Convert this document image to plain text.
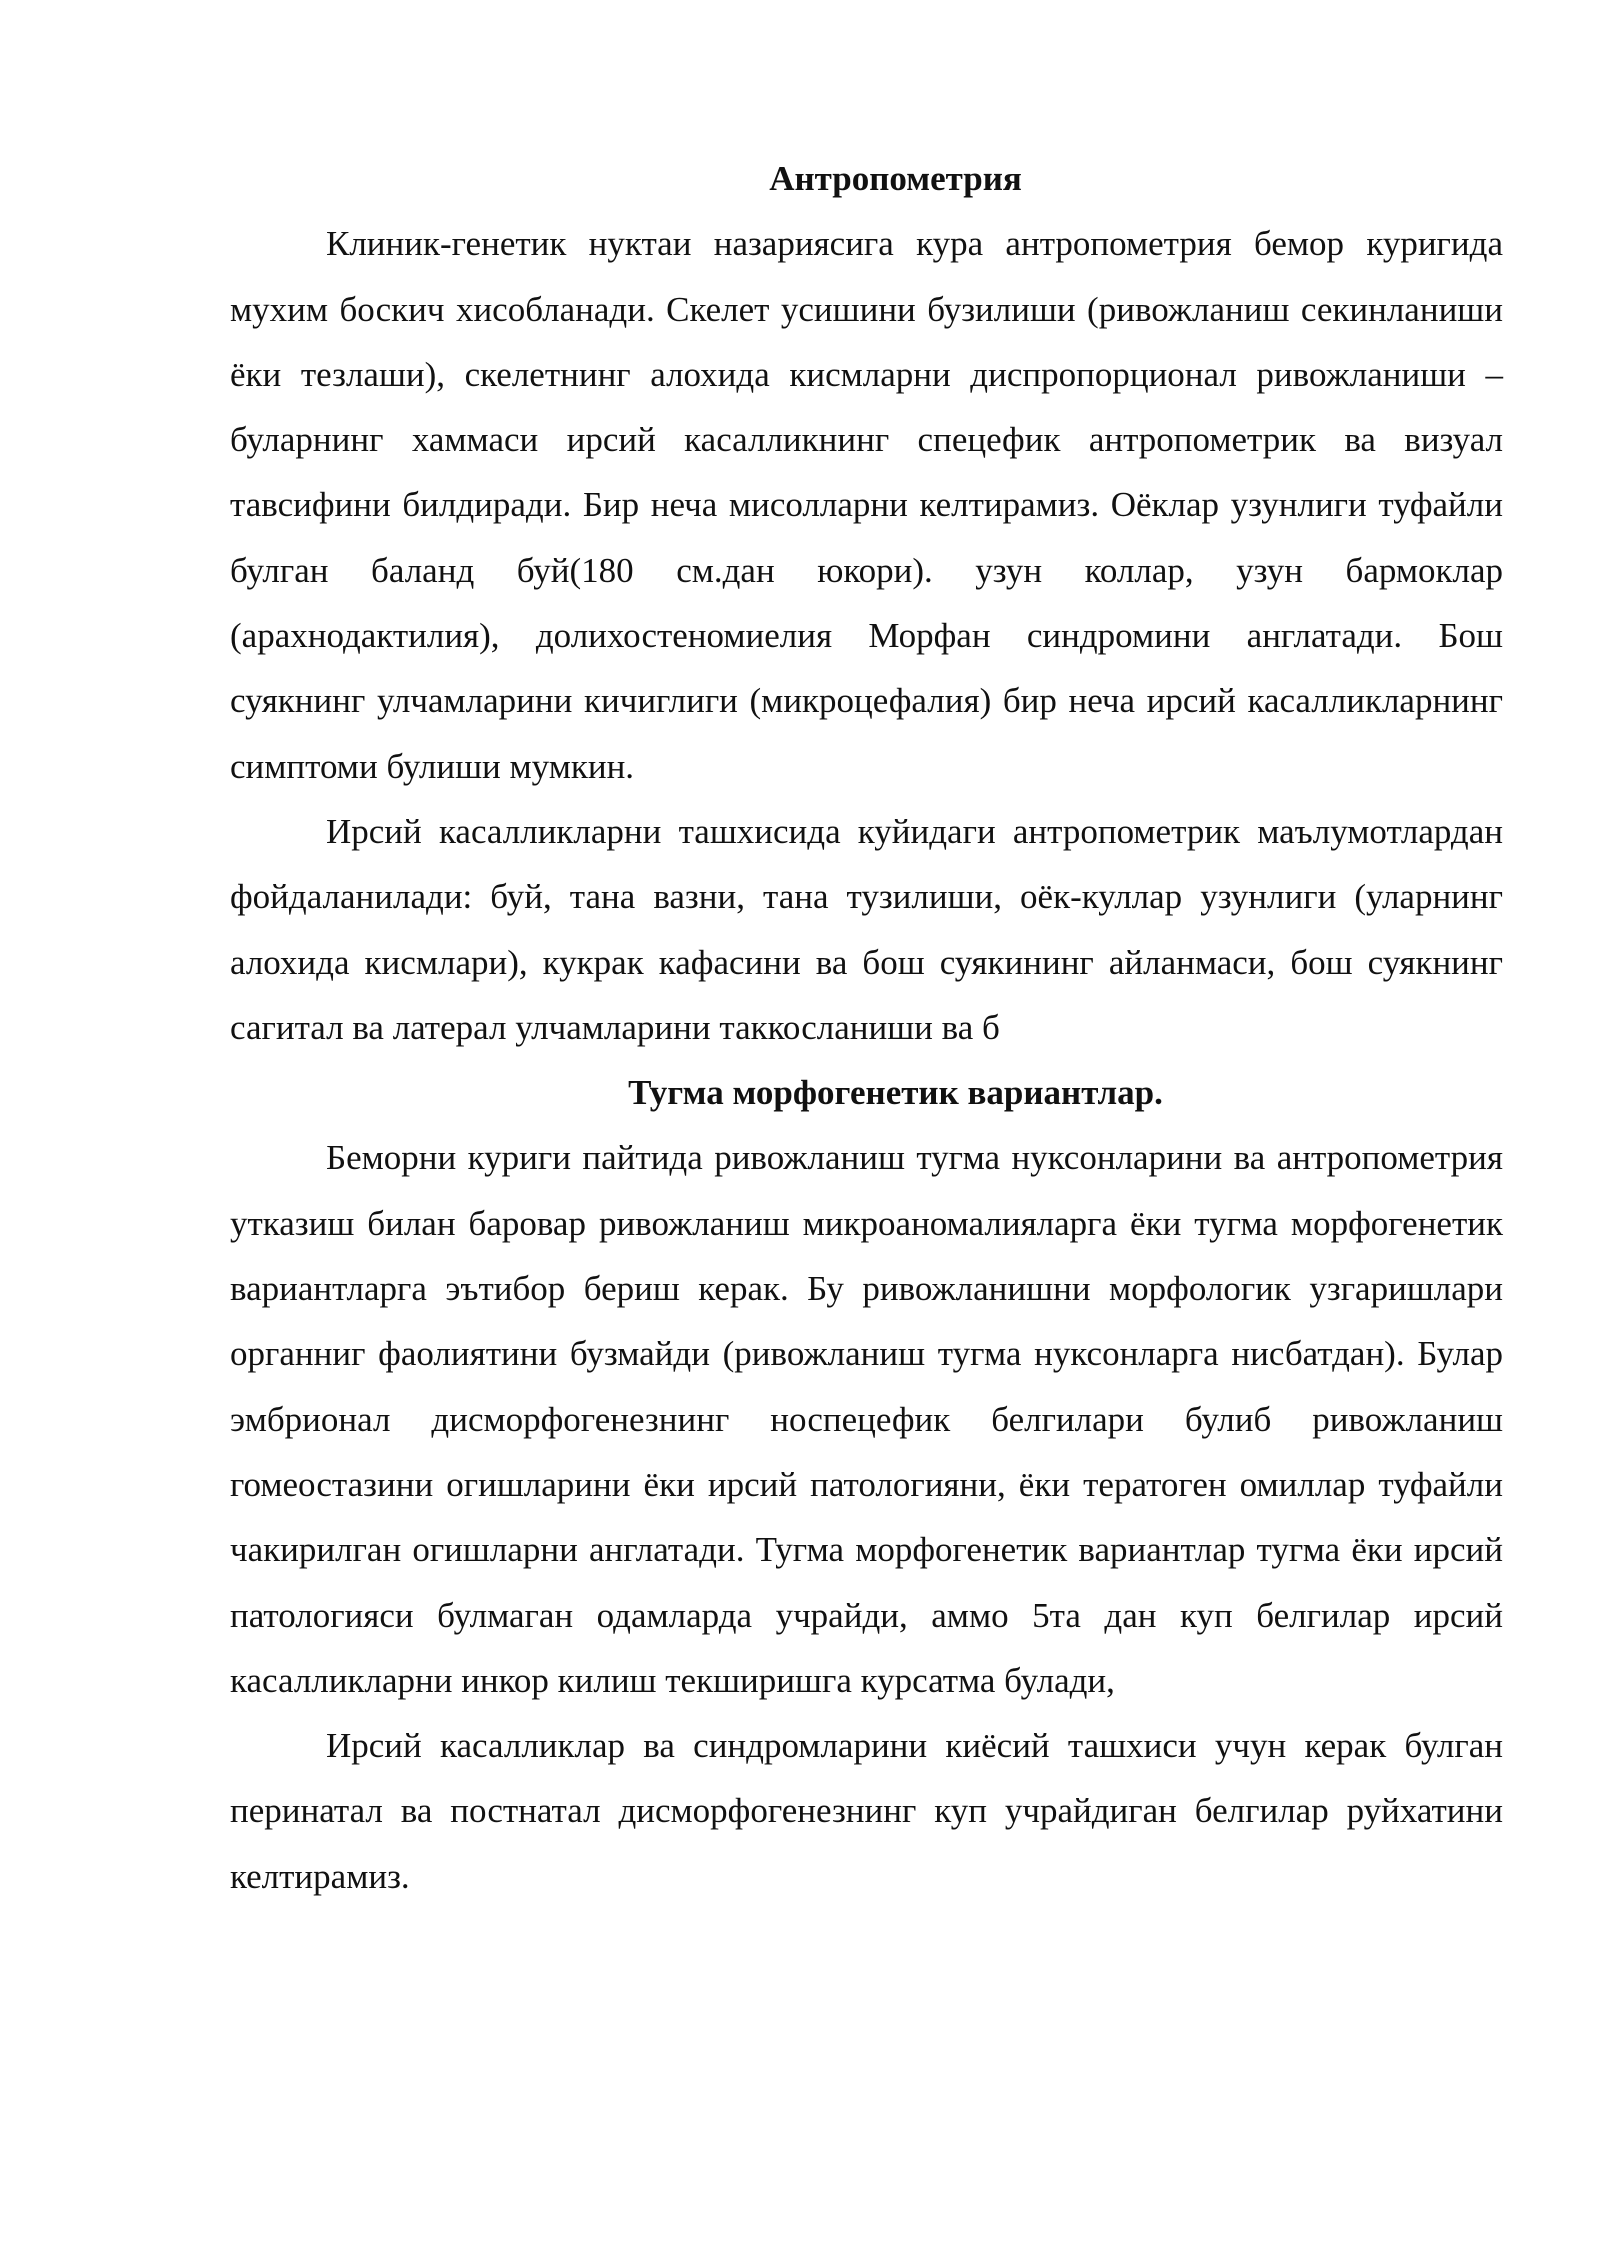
Антропометрия

Клиник-генетик нуктаи назариясига кура антропометрия бемор куригида мухим боскич хисобланади. Скелет усишини бузилиши (ривожланиш секинланиши ёки тезлаши), скелетнинг алохида кисмларни диспропорционал ривожланиши – буларнинг хаммаси ирсий касалликнинг спецефик антропометрик ва визуал тавсифини билдиради. Бир неча мисолларни келтирамиз. Оёклар узунлиги туфайли булган баланд буй(180 см.дан юкори). узун коллар, узун бармоклар (арахнодактилия), долихостеномиелия Морфан синдромини англатади. Бош суякнинг улчамларини кичиглиги (микроцефалия) бир неча ирсий касалликларнинг симптоми булиши мумкин.

Ирсий касалликларни ташхисида куйидаги антропометрик маълумотлардан фойдаланилади: буй, тана вазни, тана тузилиши, оёк-куллар узунлиги (уларнинг алохида кисмлари), кукрак кафасини ва бош суякининг айланмаси, бош суякнинг сагитал ва латерал улчамларини таккосланиши ва б

Тугма морфогенетик вариантлар.

Беморни куриги пайтида ривожланиш тугма нуксонларини ва антропометрия утказиш билан баровар ривожланиш микроаномалияларга ёки тугма морфогенетик вариантларга эътибор бериш керак. Бу ривожланишни морфологик узгаришлари органниг фаолиятини бузмайди (ривожланиш тугма нуксонларга нисбатдан). Булар эмбрионал дисморфогенезнинг носпецефик белгилари булиб ривожланиш гомеостазини огишларини ёки ирсий патологияни, ёки тератоген омиллар туфайли чакирилган огишларни англатади. Тугма морфогенетик вариантлар тугма ёки ирсий патологияси булмаган одамларда учрайди, аммо 5та дан куп белгилар ирсий касалликларни инкор килиш текширишга курсатма булади,

Ирсий касалликлар ва синдромларини киёсий ташхиси учун керак булган перинатал ва постнатал дисморфогенезнинг куп учрайдиган белгилар руйхатини келтирамиз.
